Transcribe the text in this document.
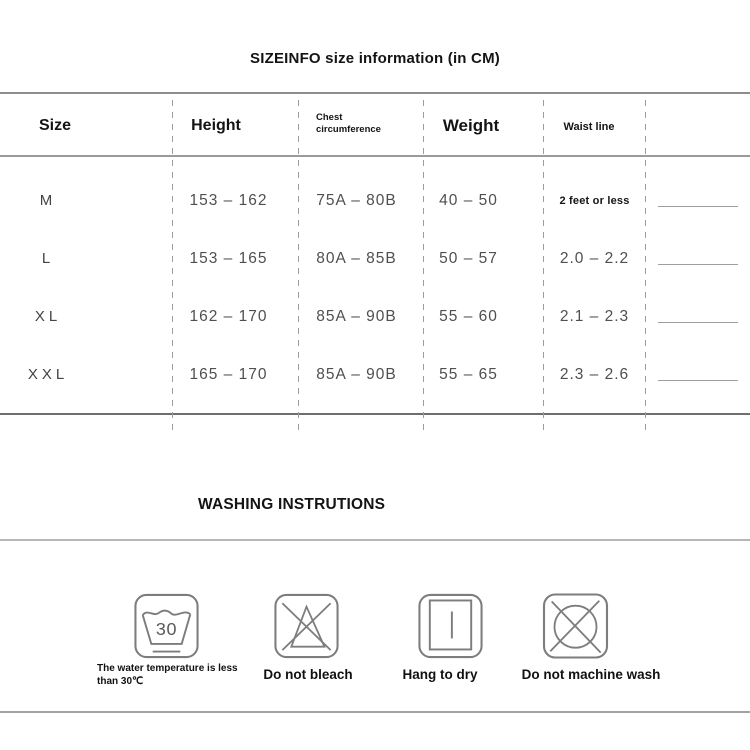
SIZEINFO size information (in CM)
Size	Height	Chest circumference	Weight	Waist line
M	153 – 162	75A – 80B	40 – 50	2 feet or less
L	153 – 165	80A – 85B	50 – 57	2.0 – 2.2
XL	162 – 170	85A – 90B	55 – 60	2.1 – 2.3
XXL	165 – 170	85A – 90B	55 – 65	2.3 – 2.6
WASHING INSTRUTIONS
30
The water temperature is less than 30℃	Do not bleach	Hang to dry	Do not machine wash
